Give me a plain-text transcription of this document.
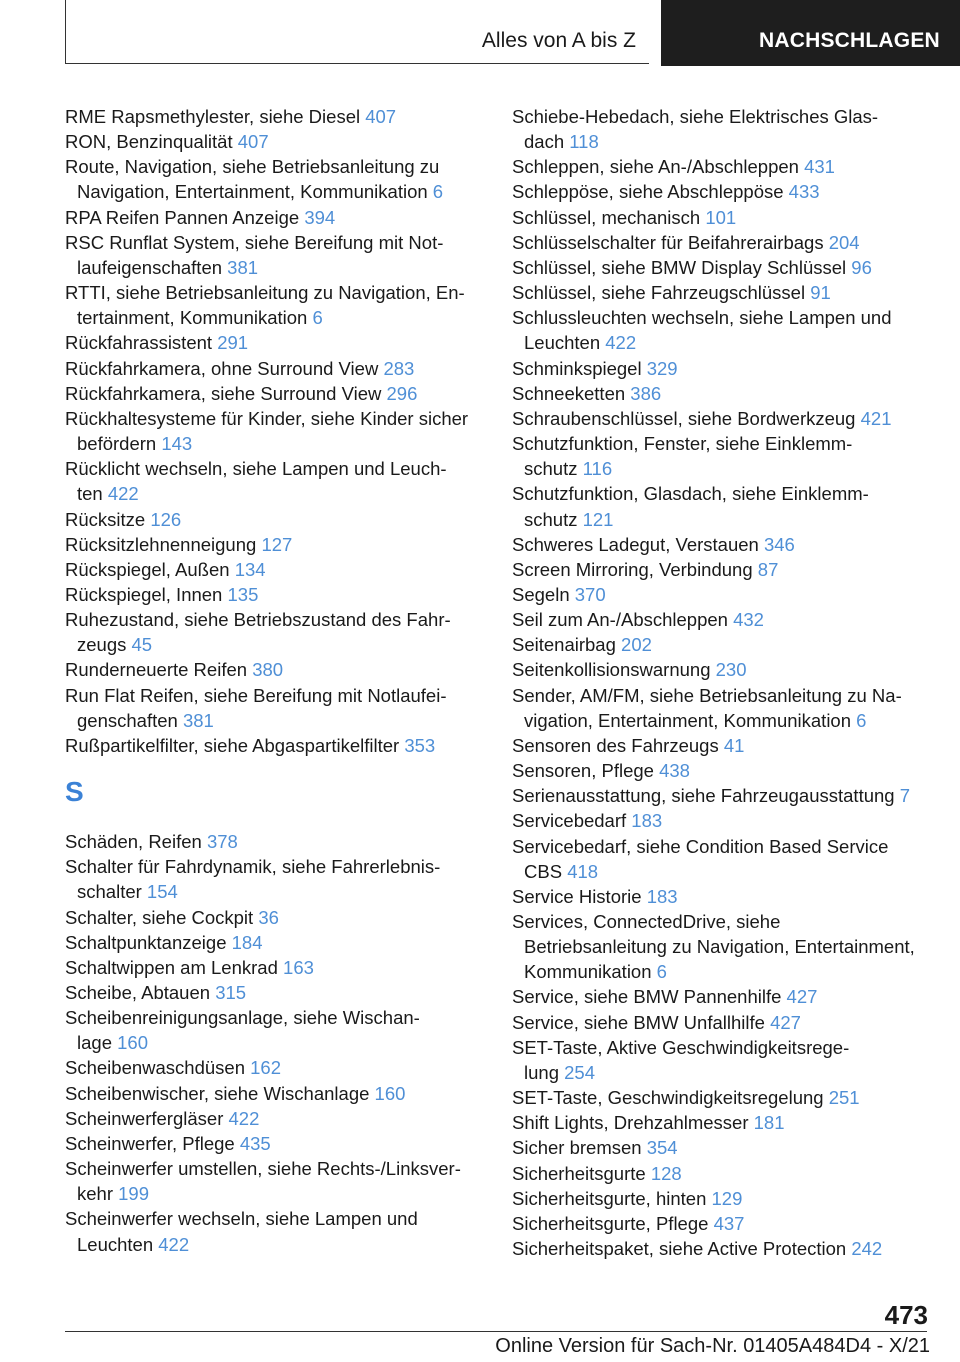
Alles von A bis Z	NACHSCHLAGEN
RME Rapsmethylester, siehe Diesel 407
RON, Benzinqualität 407
Route, Navigation, siehe Betriebsanleitung zu
Navigation, Entertainment, Kommunikation 6
RPA Reifen Pannen Anzeige 394
RSC Runflat System, siehe Bereifung mit Not-
laufeigenschaften 381
RTTI, siehe Betriebsanleitung zu Navigation, En-
tertainment, Kommunikation 6
Rückfahrassistent 291
Rückfahrkamera, ohne Surround View 283
Rückfahrkamera, siehe Surround View 296
Rückhaltesysteme für Kinder, siehe Kinder sicher
befördern 143
Rücklicht wechseln, siehe Lampen und Leuch-
ten 422
Rücksitze 126
Rücksitzlehnenneigung 127
Rückspiegel, Außen 134
Rückspiegel, Innen 135
Ruhezustand, siehe Betriebszustand des Fahr-
zeugs 45
Runderneuerte Reifen 380
Run Flat Reifen, siehe Bereifung mit Notlaufei-
genschaften 381
Rußpartikelfilter, siehe Abgaspartikelfilter 353
S
Schäden, Reifen 378
Schalter für Fahrdynamik, siehe Fahrerlebnis-
schalter 154
Schalter, siehe Cockpit 36
Schaltpunktanzeige 184
Schaltwippen am Lenkrad 163
Scheibe, Abtauen 315
Scheibenreinigungsanlage, siehe Wischan-
lage 160
Scheibenwaschdüsen 162
Scheibenwischer, siehe Wischanlage 160
Scheinwerfergläser 422
Scheinwerfer, Pflege 435
Scheinwerfer umstellen, siehe Rechts-/Linksver-
kehr 199
Scheinwerfer wechseln, siehe Lampen und
Leuchten 422
Schiebe-Hebedach, siehe Elektrisches Glas-
dach 118
Schleppen, siehe An-/Abschleppen 431
Schleppöse, siehe Abschleppöse 433
Schlüssel, mechanisch 101
Schlüsselschalter für Beifahrerairbags 204
Schlüssel, siehe BMW Display Schlüssel 96
Schlüssel, siehe Fahrzeugschlüssel 91
Schlussleuchten wechseln, siehe Lampen und
Leuchten 422
Schminkspiegel 329
Schneeketten 386
Schraubenschlüssel, siehe Bordwerkzeug 421
Schutzfunktion, Fenster, siehe Einklemm-
schutz 116
Schutzfunktion, Glasdach, siehe Einklemm-
schutz 121
Schweres Ladegut, Verstauen 346
Screen Mirroring, Verbindung 87
Segeln 370
Seil zum An-/Abschleppen 432
Seitenairbag 202
Seitenkollisionswarnung 230
Sender, AM/FM, siehe Betriebsanleitung zu Na-
vigation, Entertainment, Kommunikation 6
Sensoren des Fahrzeugs 41
Sensoren, Pflege 438
Serienausstattung, siehe Fahrzeugausstattung 7
Servicebedarf 183
Servicebedarf, siehe Condition Based Service
CBS 418
Service Historie 183
Services, ConnectedDrive, siehe
Betriebsanleitung zu Navigation, Entertainment,
Kommunikation 6
Service, siehe BMW Pannenhilfe 427
Service, siehe BMW Unfallhilfe 427
SET-Taste, Aktive Geschwindigkeitsrege-
lung 254
SET-Taste, Geschwindigkeitsregelung 251
Shift Lights, Drehzahlmesser 181
Sicher bremsen 354
Sicherheitsgurte 128
Sicherheitsgurte, hinten 129
Sicherheitsgurte, Pflege 437
Sicherheitspaket, siehe Active Protection 242
473
Online Version für Sach-Nr. 01405A484D4 - X/21
